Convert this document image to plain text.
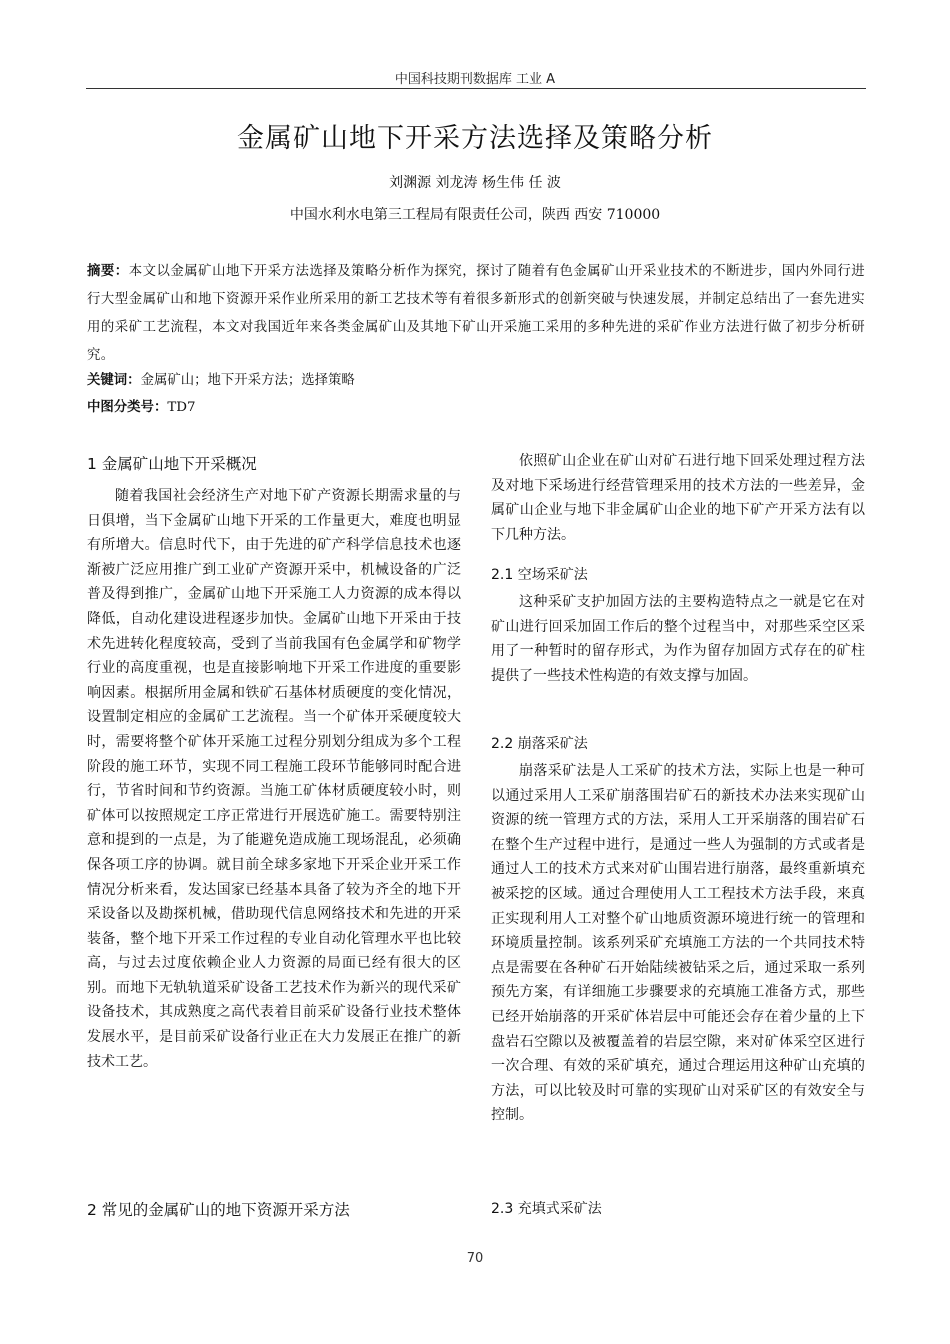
中国科技期刊数据库 工业 A
金属矿山地下开采方法选择及策略分析
刘渊源 刘龙涛 杨生伟 任 波
中国水利水电第三工程局有限责任公司，陕西 西安 710000
摘要：本文以金属矿山地下开采方法选择及策略分析作为探究，探讨了随着有色金属矿山开采业技术的不断进步，国内外同行进行大型金属矿山和地下资源开采作业所采用的新工艺技术等有着很多新形式的创新突破与快速发展，并制定总结出了一套先进实用的采矿工艺流程，本文对我国近年来各类金属矿山及其地下矿山开采施工采用的多种先进的采矿作业方法进行做了初步分析研究。
关键词：金属矿山；地下开采方法；选择策略
中图分类号：TD7
1 金属矿山地下开采概况
随着我国社会经济生产对地下矿产资源长期需求量的与日俱增，当下金属矿山地下开采的工作量更大，难度也明显有所增大。信息时代下，由于先进的矿产科学信息技术也逐渐被广泛应用推广到工业矿产资源开采中，机械设备的广泛普及得到推广，金属矿山地下开采施工人力资源的成本得以降低，自动化建设进程逐步加快。金属矿山地下开采由于技术先进转化程度较高，受到了当前我国有色金属学和矿物学行业的高度重视，也是直接影响地下开采工作进度的重要影响因素。根据所用金属和铁矿石基体材质硬度的变化情况，设置制定相应的金属矿工艺流程。当一个矿体开采硬度较大时，需要将整个矿体开采施工过程分别划分组成为多个工程阶段的施工环节，实现不同工程施工段环节能够同时配合进行，节省时间和节约资源。当施工矿体材质硬度较小时，则矿体可以按照规定工序正常进行开展选矿施工。需要特别注意和提到的一点是，为了能避免造成施工现场混乱，必须确保各项工序的协调。就目前全球多家地下开采企业开采工作情况分析来看，发达国家已经基本具备了较为齐全的地下开采设备以及勘探机械，借助现代信息网络技术和先进的开采装备，整个地下开采工作过程的专业自动化管理水平也比较高，与过去过度依赖企业人力资源的局面已经有很大的区别。而地下无轨轨道采矿设备工艺技术作为新兴的现代采矿设备技术，其成熟度之高代表着目前采矿设备行业技术整体发展水平，是目前采矿设备行业正在大力发展正在推广的新技术工艺。
2 常见的金属矿山的地下资源开采方法
依照矿山企业在矿山对矿石进行地下回采处理过程方法及对地下采场进行经营管理采用的技术方法的一些差异，金属矿山企业与地下非金属矿山企业的地下矿产开采方法有以下几种方法。
2.1 空场采矿法
这种采矿支护加固方法的主要构造特点之一就是它在对矿山进行回采加固工作后的整个过程当中，对那些采空区采用了一种暂时的留存形式，为作为留存加固方式存在的矿柱提供了一些技术性构造的有效支撑与加固。
2.2 崩落采矿法
崩落采矿法是人工采矿的技术方法，实际上也是一种可以通过采用人工采矿崩落围岩矿石的新技术办法来实现矿山资源的统一管理方式的方法，采用人工开采崩落的围岩矿石在整个生产过程中进行，是通过一些人为强制的方式或者是通过人工的技术方式来对矿山围岩进行崩落，最终重新填充被采挖的区域。通过合理使用人工工程技术方法手段，来真正实现利用人工对整个矿山地质资源环境进行统一的管理和环境质量控制。该系列采矿充填施工方法的一个共同技术特点是需要在各种矿石开始陆续被钻采之后，通过采取一系列预先方案，有详细施工步骤要求的充填施工准备方式，那些已经开始崩落的开采矿体岩层中可能还会存在着少量的上下盘岩石空隙以及被覆盖着的岩层空隙，来对矿体采空区进行一次合理、有效的采矿填充，通过合理运用这种矿山充填的方法，可以比较及时可靠的实现矿山对采矿区的有效安全与控制。
2.3 充填式采矿法
70
